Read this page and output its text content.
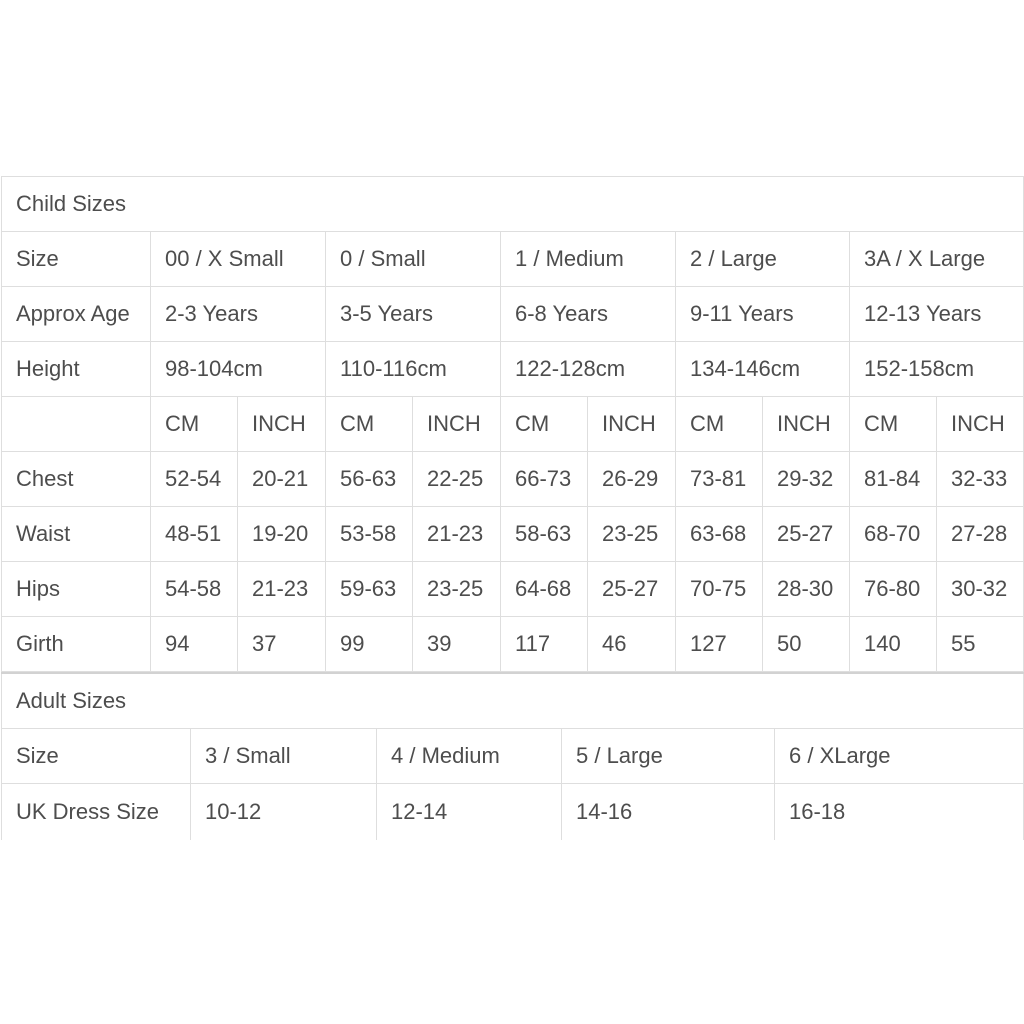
Child Sizes										
Size	00 / X Small		0 / Small		1 / Medium		2 / Large		3A / X Large	
Approx Age	2-3 Years		3-5 Years		6-8 Years		9-11 Years		12-13 Years	
Height	98-104cm		110-116cm		122-128cm		134-146cm		152-158cm	
	CM	INCH	CM	INCH	CM	INCH	CM	INCH	CM	INCH
Chest	52-54	20-21	56-63	22-25	66-73	26-29	73-81	29-32	81-84	32-33
Waist	48-51	19-20	53-58	21-23	58-63	23-25	63-68	25-27	68-70	27-28
Hips	54-58	21-23	59-63	23-25	64-68	25-27	70-75	28-30	76-80	30-32
Girth	94	37	99	39	117	46	127	50	140	55
Adult Sizes				
Size	3 / Small	4 / Medium	5 / Large	6 / XLarge
UK Dress Size	10-12	12-14	14-16	16-18
